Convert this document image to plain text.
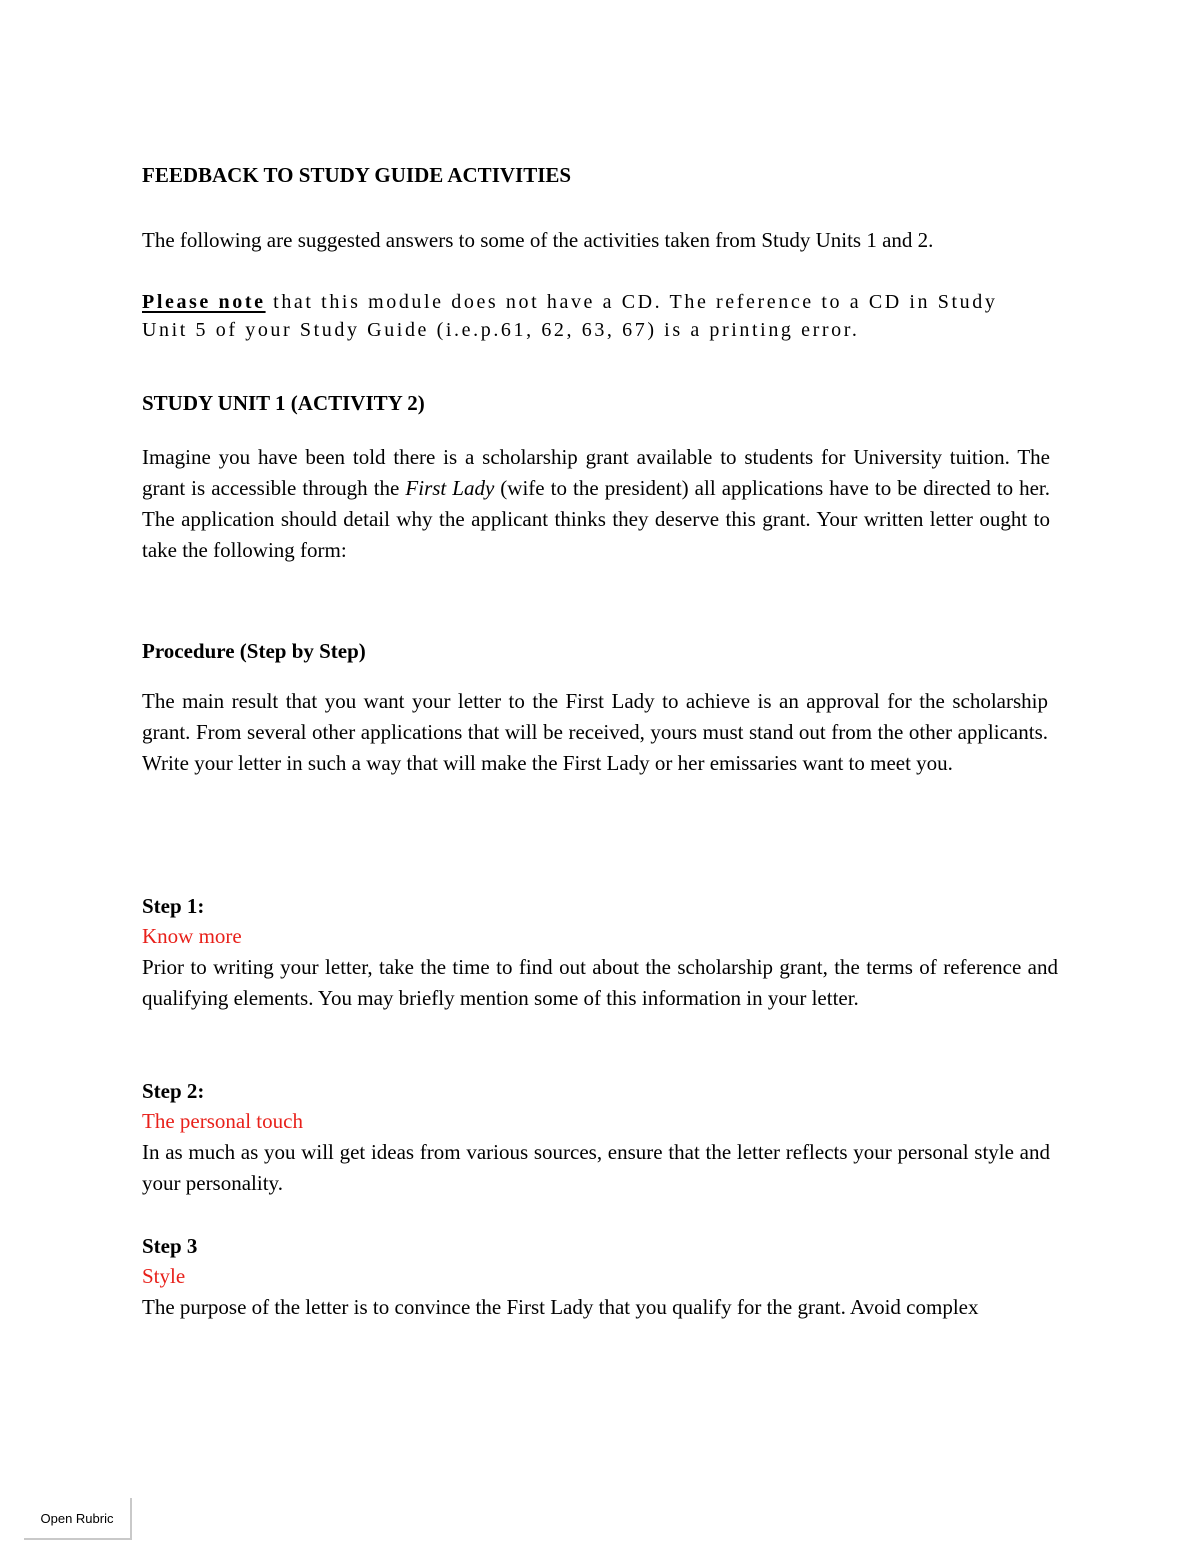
FEEDBACK TO STUDY GUIDE ACTIVITIES

The following are suggested answers to some of the activities taken from Study Units 1 and 2.

Please note that this module does not have a CD. The reference to a CD in Study Unit 5 of your Study Guide (i.e.p.61, 62, 63, 67) is a printing error.

STUDY UNIT 1 (ACTIVITY 2)

Imagine you have been told there is a scholarship grant available to students for University tuition. The grant is accessible through the First Lady (wife to the president) all applications have to be directed to her. The application should detail why the applicant thinks they deserve this grant. Your written letter ought to take the following form:

Procedure (Step by Step)

The main result that you want your letter to the First Lady to achieve is an approval for the scholarship grant. From several other applications that will be received, yours must stand out from the other applicants. Write your letter in such a way that will make the First Lady or her emissaries want to meet you.

Step 1:

Know more

Prior to writing your letter, take the time to find out about the scholarship grant, the terms of reference and qualifying elements. You may briefly mention some of this information in your letter.

Step 2:

The personal touch

In as much as you will get ideas from various sources, ensure that the letter reflects your personal style and your personality.

Step 3

Style

The purpose of the letter is to convince the First Lady that you qualify for the grant. Avoid complex

Open Rubric
